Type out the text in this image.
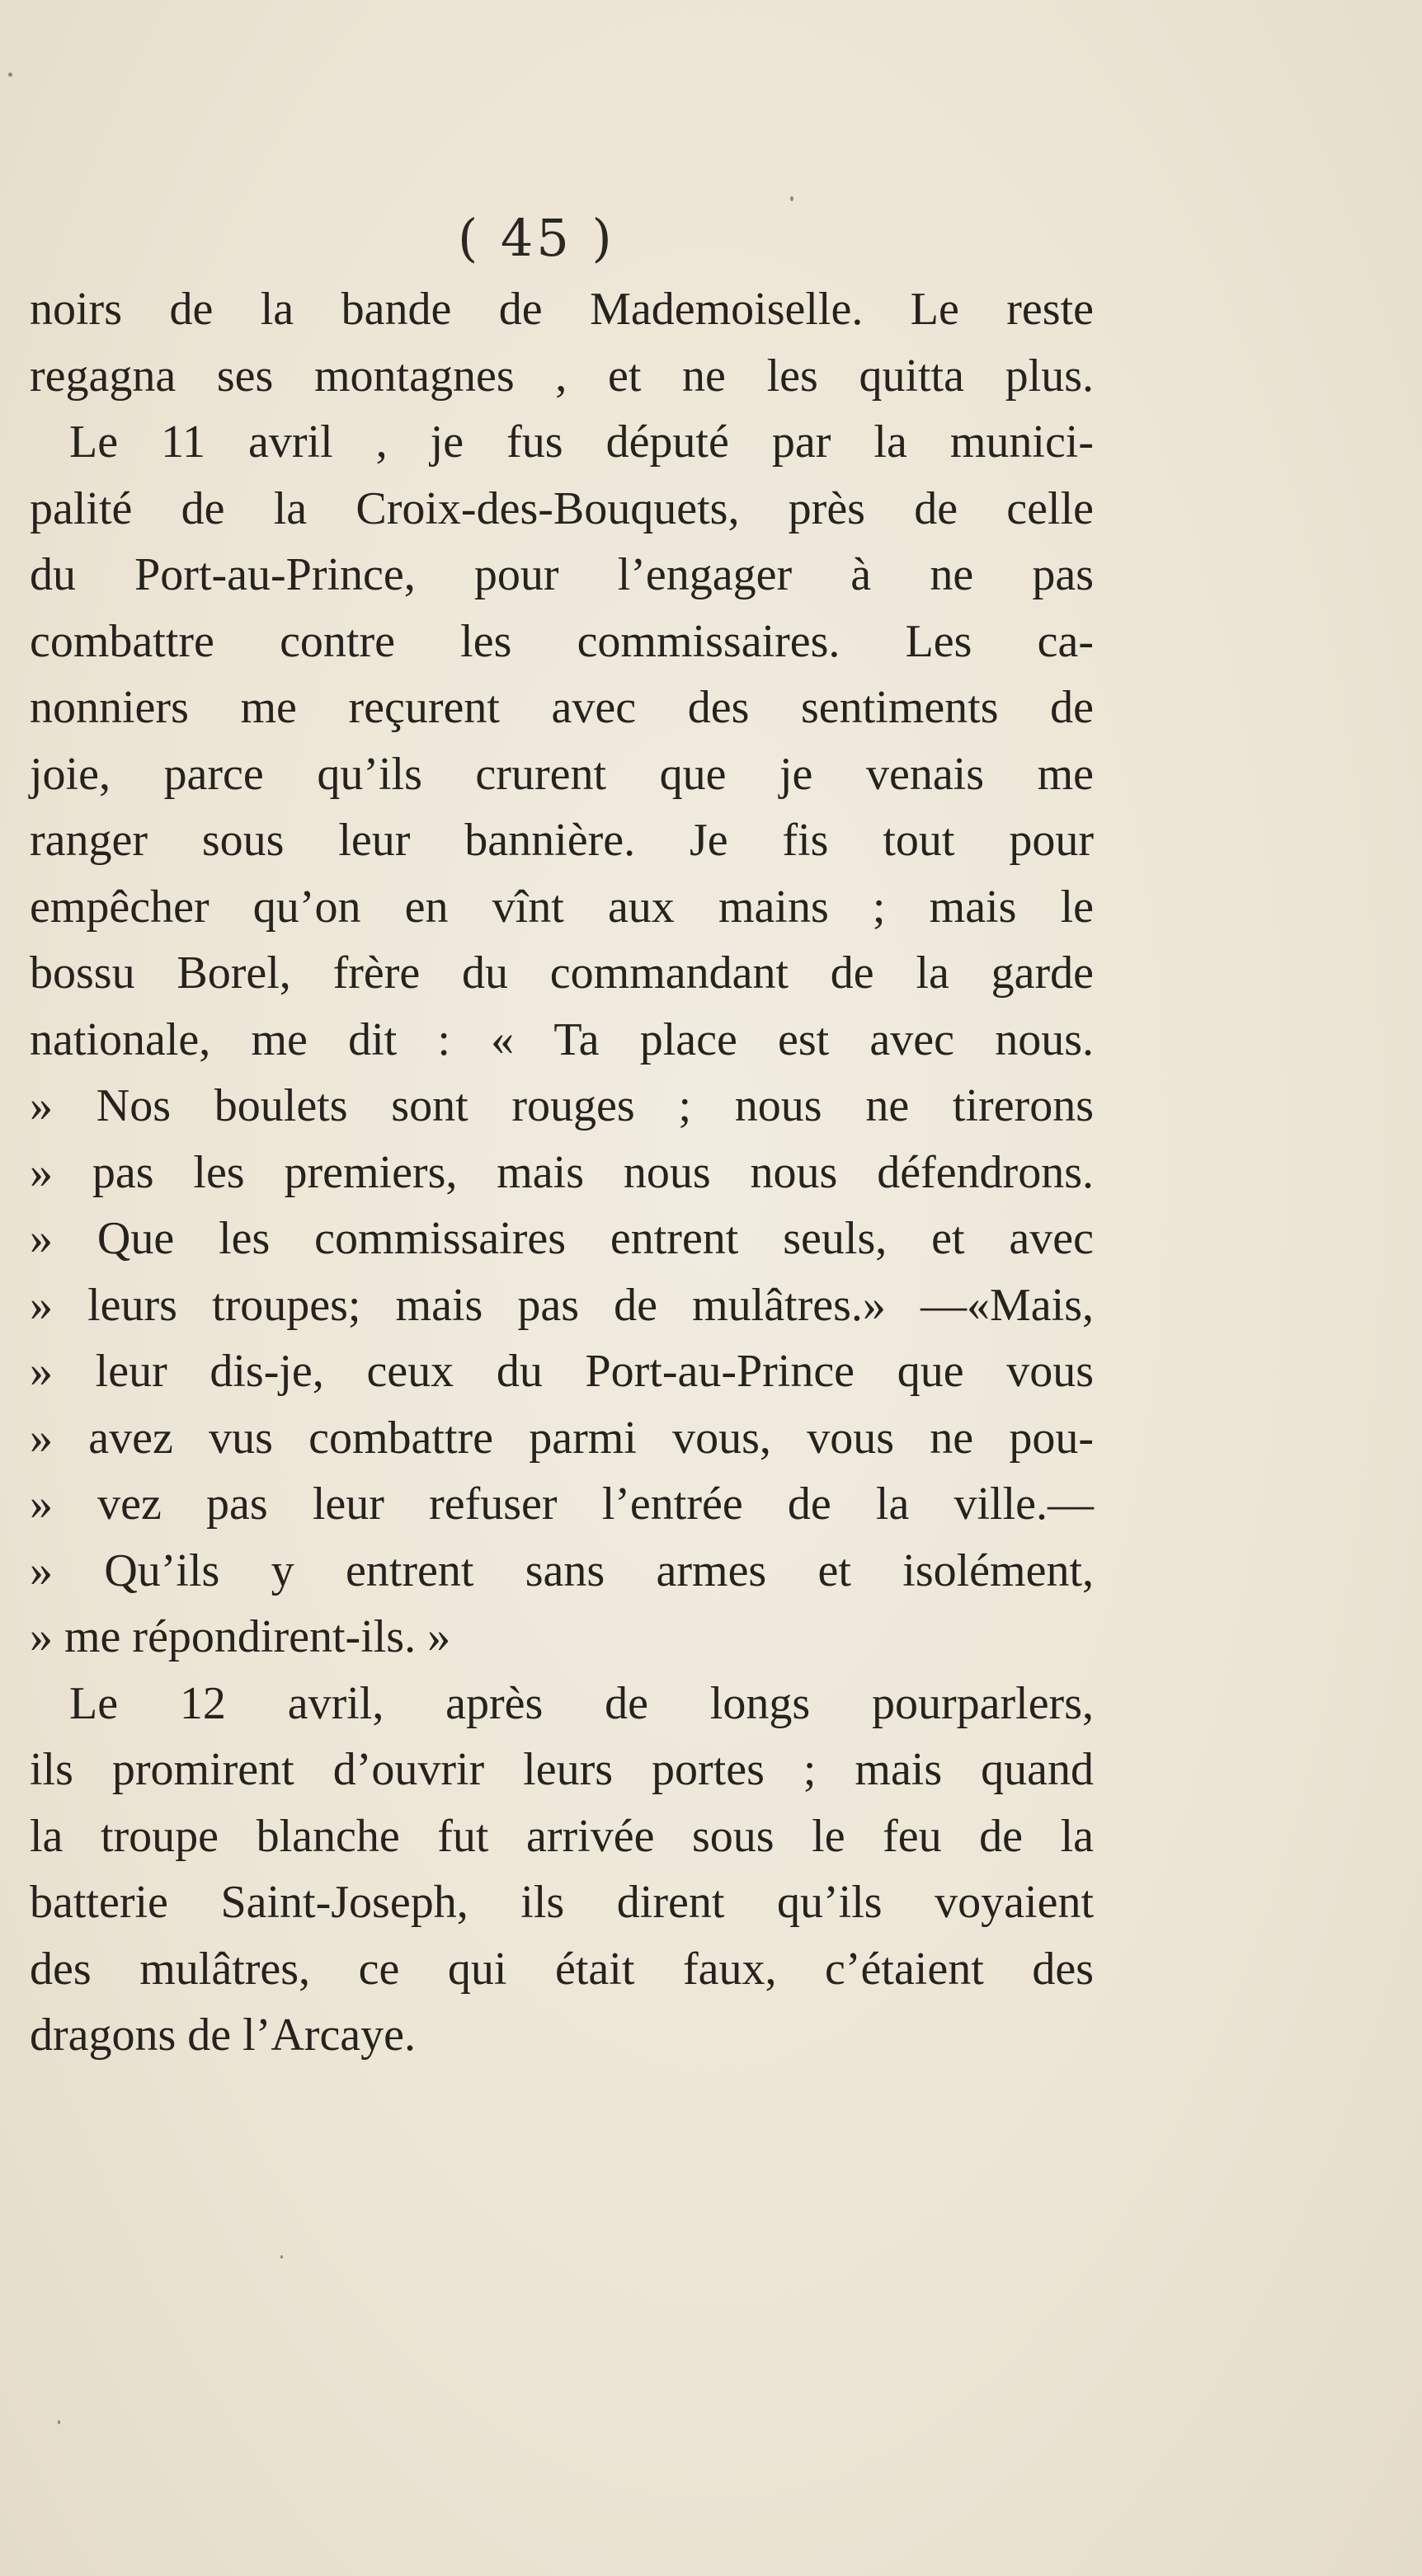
( 45 )
noirs de la bande de Mademoiselle. Le reste
regagna ses montagnes , et ne les quitta plus.
Le 11 avril , je fus député par la munici-
palité de la Croix-des-Bouquets, près de celle
du Port-au-Prince, pour l’engager à ne pas
combattre contre les commissaires. Les ca-
nonniers me reçurent avec des sentiments de
joie, parce qu’ils crurent que je venais me
ranger sous leur bannière. Je fis tout pour
empêcher qu’on en vînt aux mains ; mais le
bossu Borel, frère du commandant de la garde
nationale, me dit : « Ta place est avec nous.
» Nos boulets sont rouges ; nous ne tirerons
» pas les premiers, mais nous nous défendrons.
» Que les commissaires entrent seuls, et avec
» leurs troupes; mais pas de mulâtres.» —«Mais,
» leur dis-je, ceux du Port-au-Prince que vous
» avez vus combattre parmi vous, vous ne pou-
» vez pas leur refuser l’entrée de la ville.—
» Qu’ils y entrent sans armes et isolément,
» me répondirent-ils. »
Le 12 avril, après de longs pourparlers,
ils promirent d’ouvrir leurs portes ; mais quand
la troupe blanche fut arrivée sous le feu de la
batterie Saint-Joseph, ils dirent qu’ils voyaient
des mulâtres, ce qui était faux, c’étaient des
dragons de l’Arcaye.
